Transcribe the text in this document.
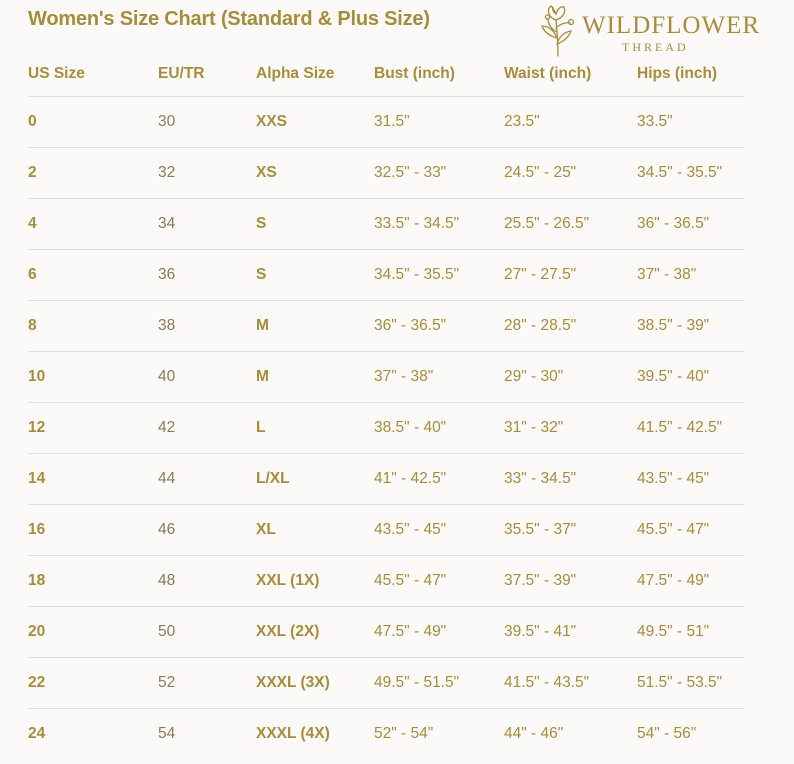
Women's Size Chart (Standard & Plus Size)	WILDFLOWER
THREAD
US Size	EU/TR	Alpha Size	Bust (inch)	Waist (inch)	Hips (inch)
0	30	XXS	31.5"	23.5"	33.5"
2	32	XS	32.5" - 33"	24.5" - 25"	34.5" - 35.5"
4	34	S	33.5" - 34.5"	25.5" - 26.5"	36" - 36.5"
6	36	S	34.5" - 35.5"	27" - 27.5"	37" - 38"
8	38	M	36" - 36.5"	28" - 28.5"	38.5" - 39"
10	40	M	37" - 38"	29" - 30"	39.5" - 40"
12	42	L	38.5" - 40"	31" - 32"	41.5" - 42.5"
14	44	L/XL	41" - 42.5"	33" - 34.5"	43.5" - 45"
16	46	XL	43.5" - 45"	35.5" - 37"	45.5" - 47"
18	48	XXL (1X)	45.5" - 47"	37.5" - 39"	47.5" - 49"
20	50	XXL (2X)	47.5" - 49"	39.5" - 41"	49.5" - 51"
22	52	XXXL (3X)	49.5" - 51.5"	41.5" - 43.5"	51.5" - 53.5"
24	54	XXXL (4X)	52" - 54"	44" - 46"	54" - 56"
